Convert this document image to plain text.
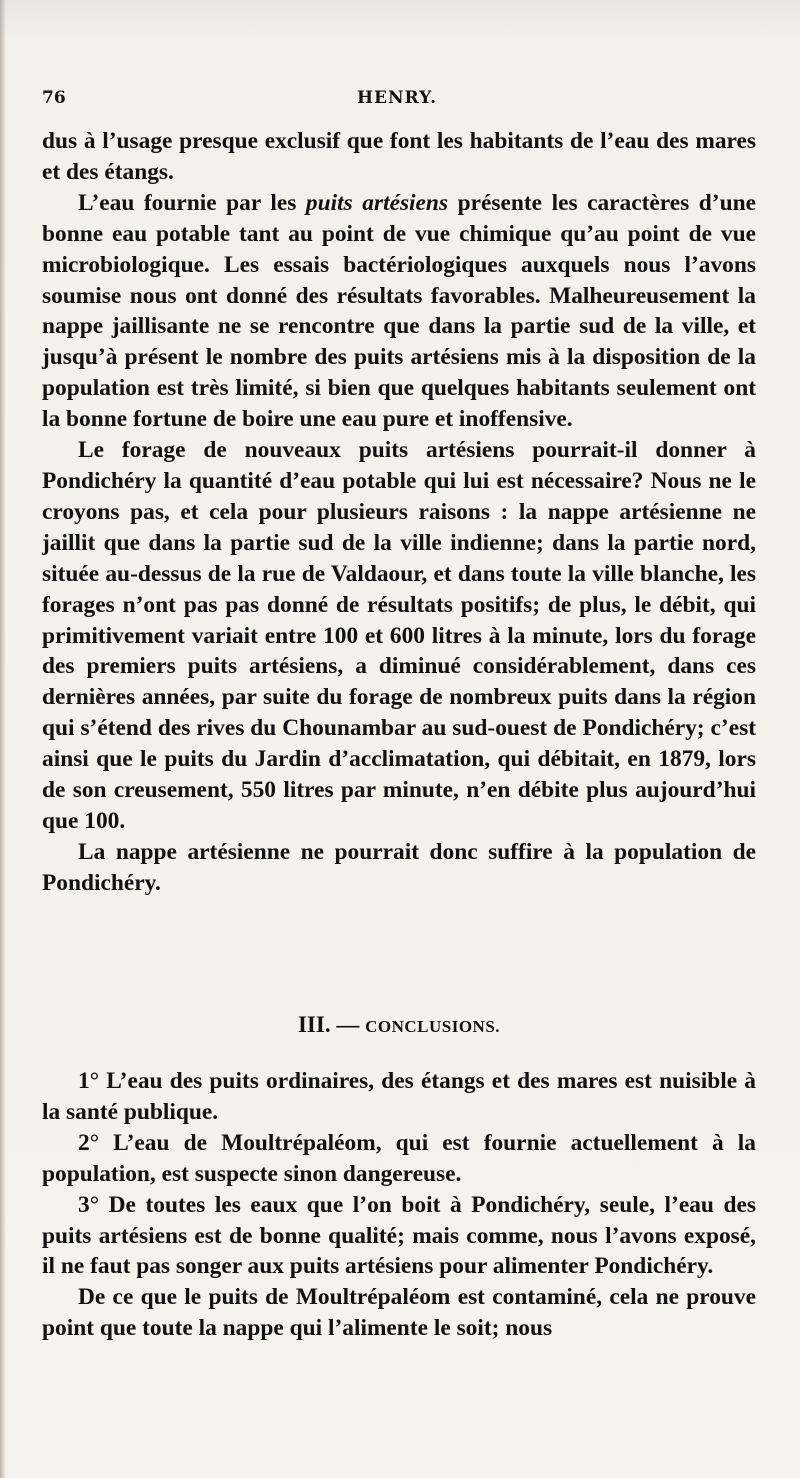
76	HENRY.

dus à l’usage presque exclusif que font les habitants de l’eau des mares et des étangs.

L’eau fournie par les puits artésiens présente les caractères d’une bonne eau potable tant au point de vue chimique qu’au point de vue microbiologique. Les essais bactériologiques auxquels nous l’avons soumise nous ont donné des résultats favorables. Malheureusement la nappe jaillisante ne se rencontre que dans la partie sud de la ville, et jusqu’à présent le nombre des puits artésiens mis à la disposition de la population est très limité, si bien que quelques habitants seulement ont la bonne fortune de boire une eau pure et inoffensive.

Le forage de nouveaux puits artésiens pourrait-il donner à Pondichéry la quantité d’eau potable qui lui est nécessaire? Nous ne le croyons pas, et cela pour plusieurs raisons : la nappe artésienne ne jaillit que dans la partie sud de la ville indienne; dans la partie nord, située au-dessus de la rue de Valdaour, et dans toute la ville blanche, les forages n’ont pas pas donné de résultats positifs; de plus, le débit, qui primitivement variait entre 100 et 600 litres à la minute, lors du forage des premiers puits artésiens, a diminué considérablement, dans ces dernières années, par suite du forage de nombreux puits dans la région qui s’étend des rives du Chounambar au sud-ouest de Pondichéry; c’est ainsi que le puits du Jardin d’acclimatation, qui débitait, en 1879, lors de son creusement, 550 litres par minute, n’en débite plus aujourd’hui que 100.

La nappe artésienne ne pourrait donc suffire à la population de Pondichéry.

III. — CONCLUSIONS.

1° L’eau des puits ordinaires, des étangs et des mares est nuisible à la santé publique.

2° L’eau de Moultrépaléom, qui est fournie actuellement à la population, est suspecte sinon dangereuse.

3° De toutes les eaux que l’on boit à Pondichéry, seule, l’eau des puits artésiens est de bonne qualité; mais comme, nous l’avons exposé, il ne faut pas songer aux puits artésiens pour alimenter Pondichéry.

De ce que le puits de Moultrépaléom est contaminé, cela ne prouve point que toute la nappe qui l’alimente le soit; nous
